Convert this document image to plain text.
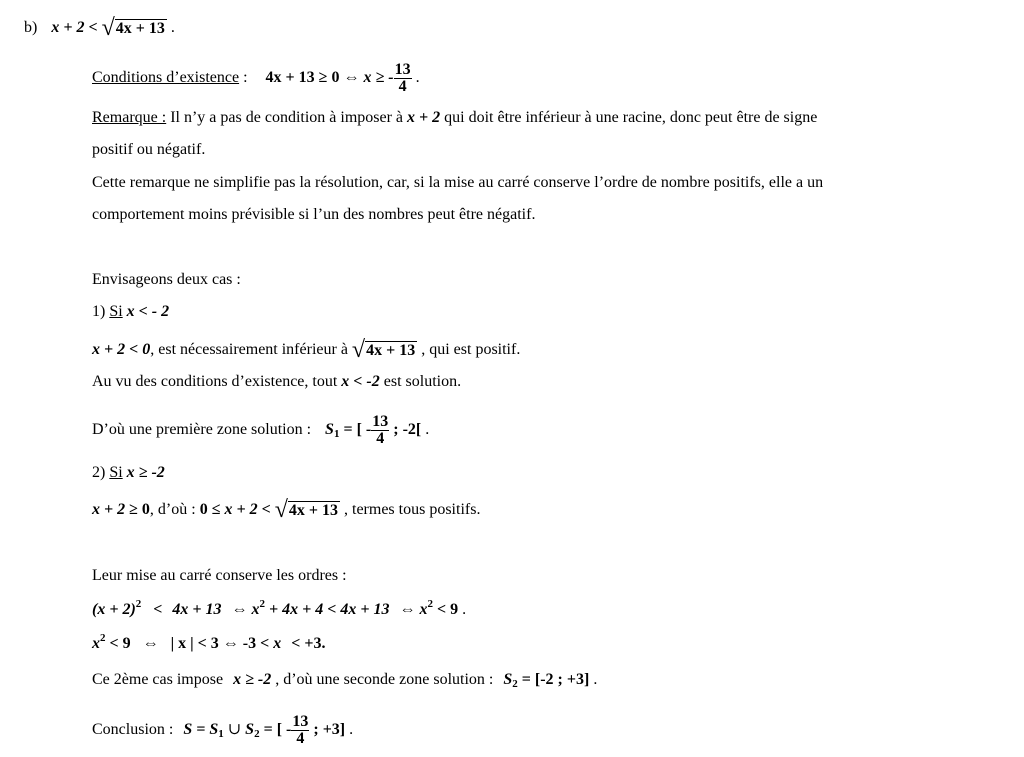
b) x + 2 < √4x + 13 .
Conditions d’existence : 4x + 13 ≥ 0 ⇔ x ≥ - $\frac{13}{4}$ .
Remarque : Il n’y a pas de condition à imposer à x + 2 qui doit être inférieur à une racine, donc peut être de signe
positif ou négatif.
Cette remarque ne simplifie pas la résolution, car, si la mise au carré conserve l’ordre de nombre positifs, elle a un
comportement moins prévisible si l’un des nombres peut être négatif.
Envisageons deux cas :
1) Si x < - 2
x + 2 < 0, est nécessairement inférieur à √4x + 13 , qui est positif.
Au vu des conditions d’existence, tout x < -2 est solution.
D’où une première zone solution : $S_1$ = [ - $\frac{13}{4}$ ; -2[ .
2) Si x ≥ -2
x + 2 ≥ 0, d’où : 0 ≤ x + 2 < √4x + 13 , termes tous positifs.
Leur mise au carré conserve les ordres :
$(x + 2)^2 < 4x + 13$ ⇔ $x^2 + 4x + 4 < 4x + 13$ ⇔ $x^2 < 9$ .
$x^2 < 9$ ⇔ | x | < 3 ⇔ -3 < x < +3.
Ce 2ème cas impose x ≥ -2 , d’où une seconde zone solution : $S_2 = [-2$ ; +3] .
Conclusion : $S = S_1$ ∪ $S_2$ = [ - $\frac{13}{4}$ ; +3] .
